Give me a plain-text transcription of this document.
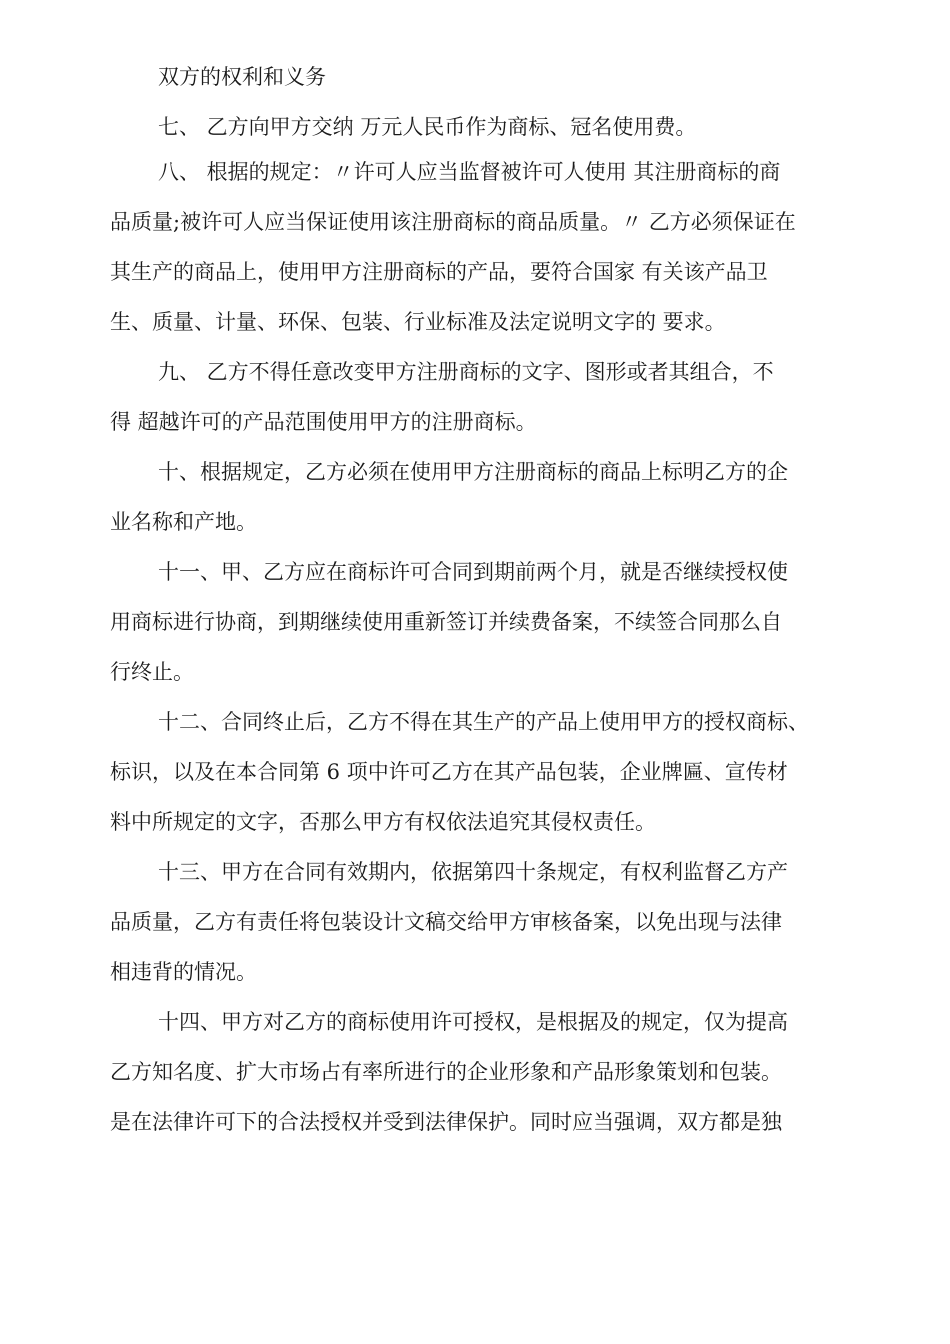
双方的权利和义务
七、 乙方向甲方交纳 万元人民币作为商标、冠名使用费。
八、 根据的规定：〃许可人应当监督被许可人使用 其注册商标的商
品质量;被许可人应当保证使用该注册商标的商品质量。〃 乙方必须保证在
其生产的商品上，使用甲方注册商标的产品，要符合国家 有关该产品卫
生、质量、计量、环保、包装、行业标准及法定说明文字的 要求。
九、 乙方不得任意改变甲方注册商标的文字、图形或者其组合，不
得 超越许可的产品范围使用甲方的注册商标。
十、根据规定，乙方必须在使用甲方注册商标的商品上标明乙方的企
业名称和产地。
十一、甲、乙方应在商标许可合同到期前两个月，就是否继续授权使
用商标进行协商，到期继续使用重新签订并续费备案，不续签合同那么自
行终止。
十二、合同终止后，乙方不得在其生产的产品上使用甲方的授权商标、
标识，以及在本合同第 6 项中许可乙方在其产品包装，企业牌匾、宣传材
料中所规定的文字，否那么甲方有权依法追究其侵权责任。
十三、甲方在合同有效期内，依据第四十条规定，有权利监督乙方产
品质量，乙方有责任将包装设计文稿交给甲方审核备案，以免出现与法律
相违背的情况。
十四、甲方对乙方的商标使用许可授权，是根据及的规定，仅为提高
乙方知名度、扩大市场占有率所进行的企业形象和产品形象策划和包装。
是在法律许可下的合法授权并受到法律保护。同时应当强调，双方都是独
